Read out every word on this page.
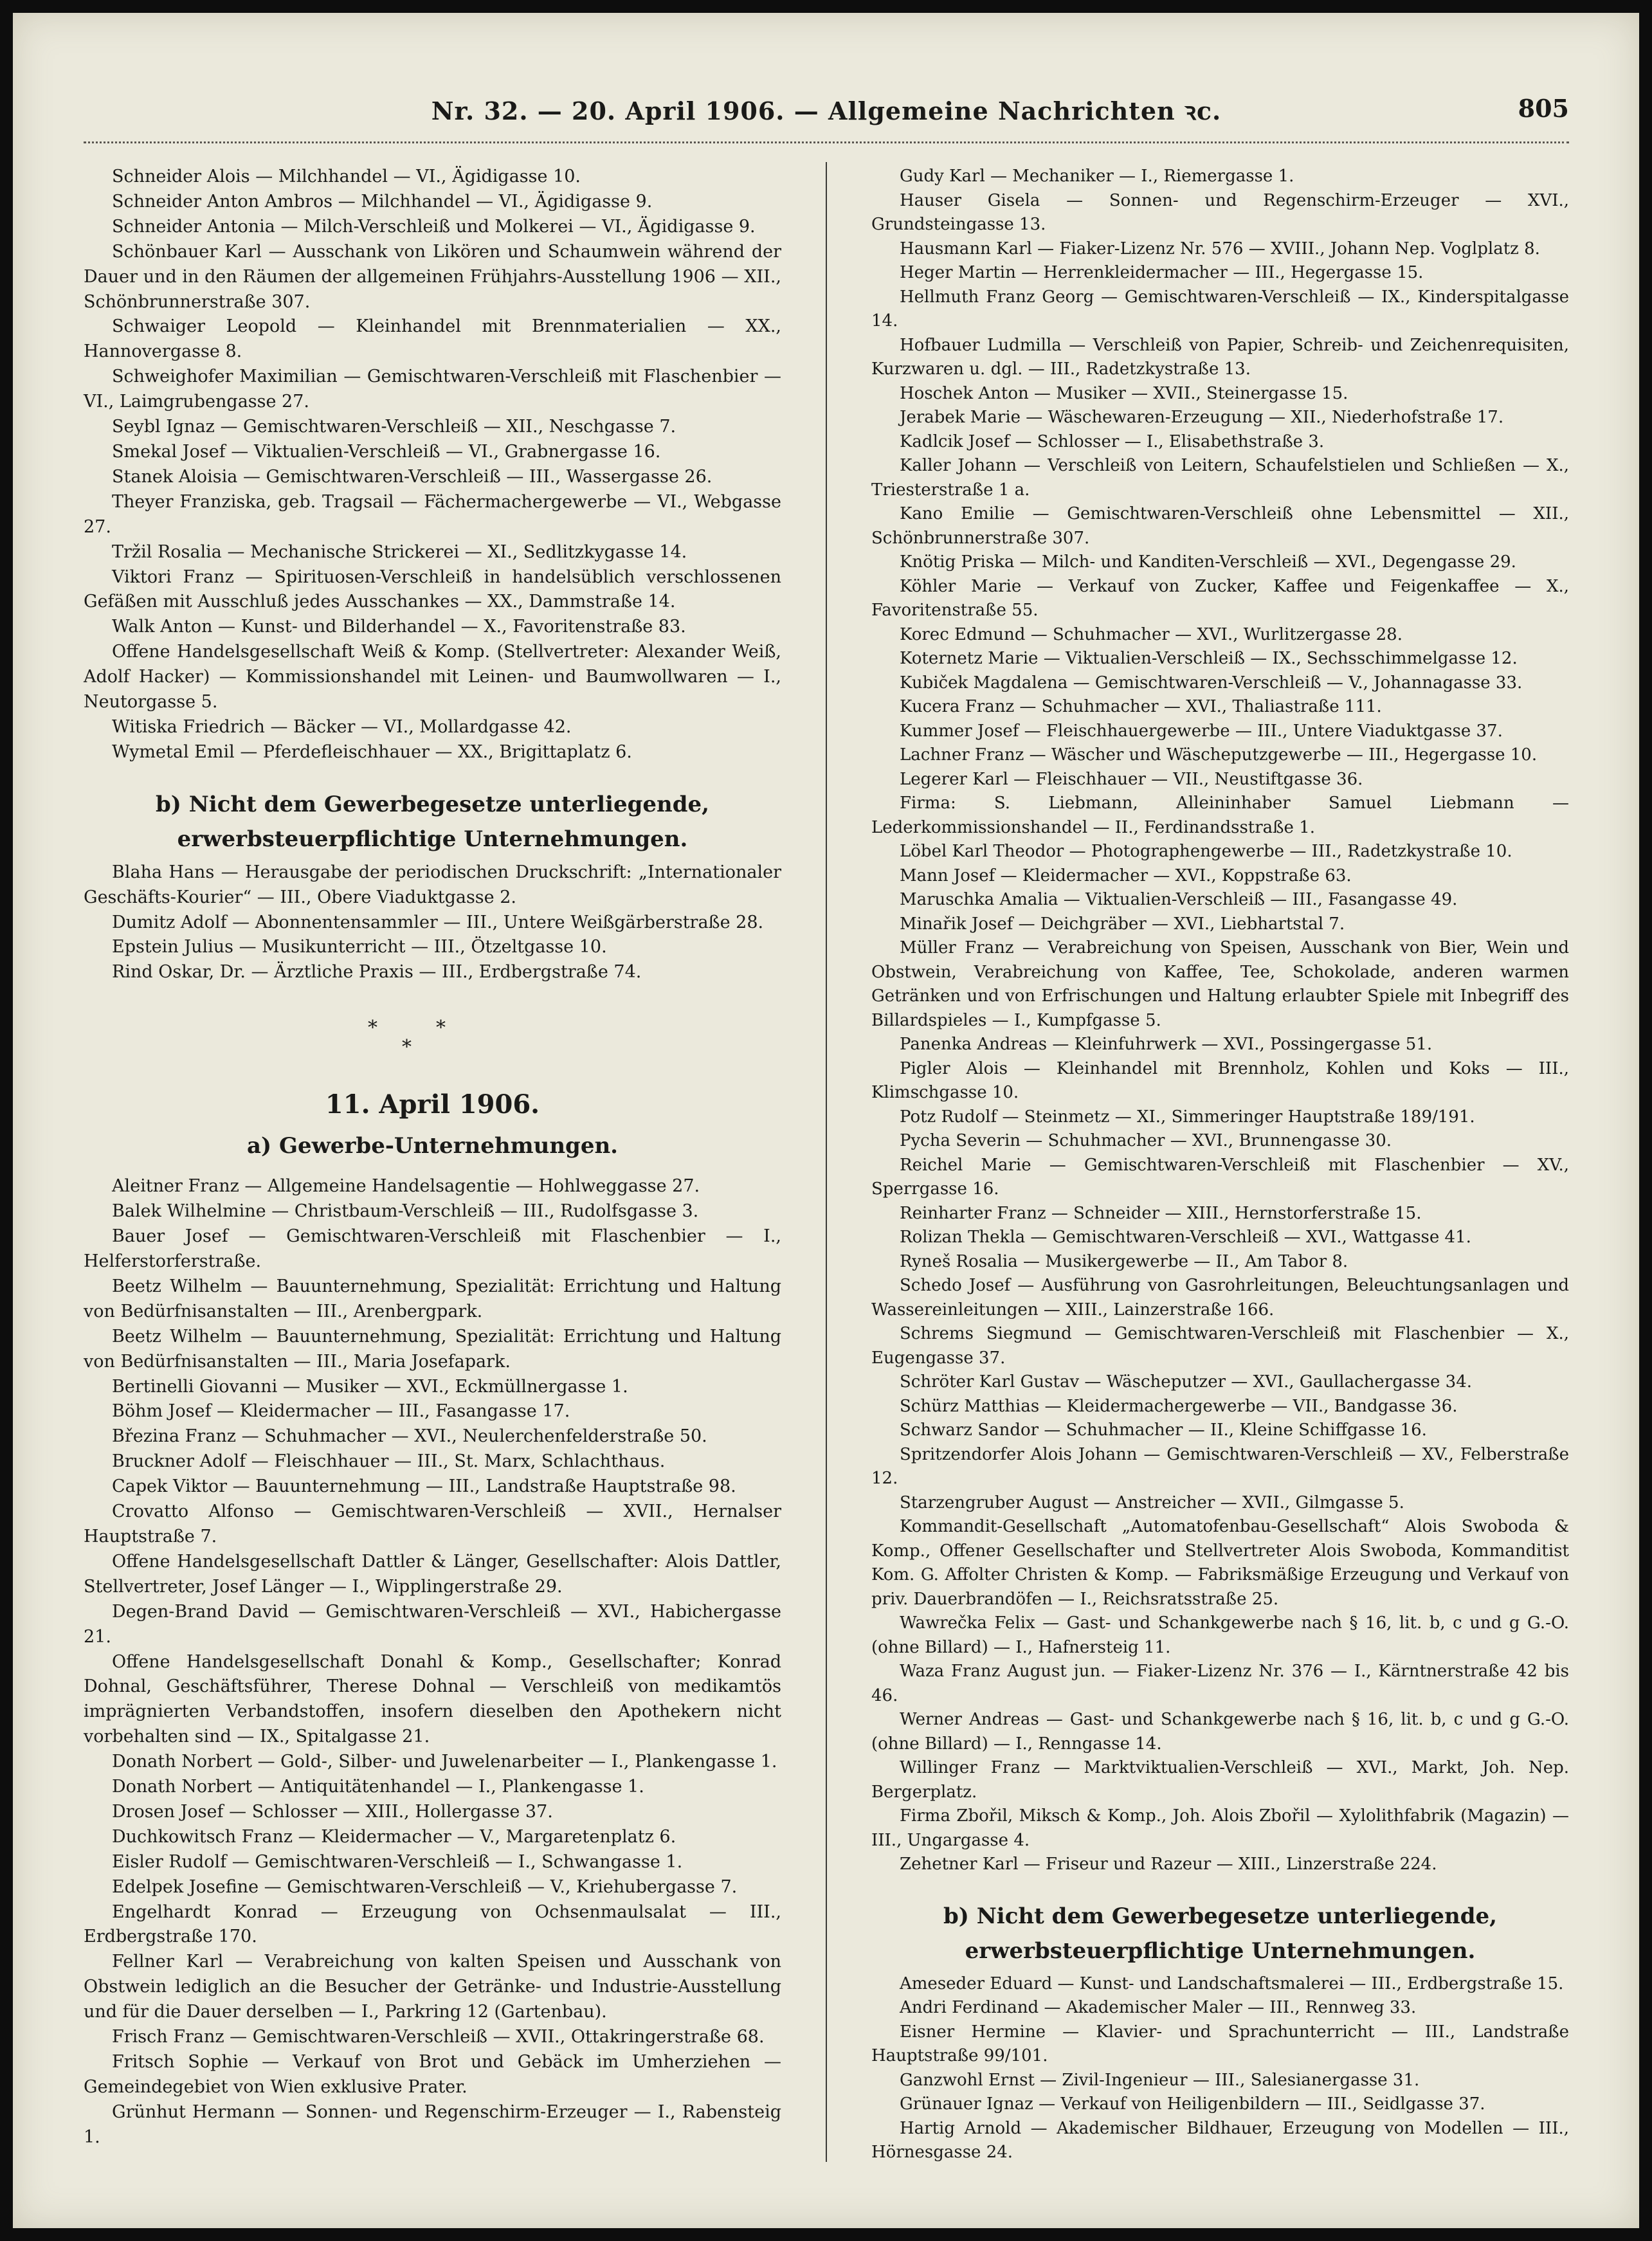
Nr. 32. — 20. April 1906. — Allgemeine Nachrichten ꝛc.	805

Schneider Alois — Milchhandel — VI., Ägidigasse 10.

Schneider Anton Ambros — Milchhandel — VI., Ägidigasse 9.

Schneider Antonia — Milch-Verschleiß und Molkerei — VI., Ägidigasse 9.

Schönbauer Karl — Ausschank von Likören und Schaumwein während der Dauer und in den Räumen der allgemeinen Frühjahrs-Ausstellung 1906 — XII., Schönbrunnerstraße 307.

Schwaiger Leopold — Kleinhandel mit Brennmaterialien — XX., Hannovergasse 8.

Schweighofer Maximilian — Gemischtwaren-Verschleiß mit Flaschenbier — VI., Laimgrubengasse 27.

Seybl Ignaz — Gemischtwaren-Verschleiß — XII., Neschgasse 7.

Smekal Josef — Viktualien-Verschleiß — VI., Grabnergasse 16.

Stanek Aloisia — Gemischtwaren-Verschleiß — III., Wassergasse 26.

Theyer Franziska, geb. Tragsail — Fächermachergewerbe — VI., Webgasse 27.

Tržil Rosalia — Mechanische Strickerei — XI., Sedlitzkygasse 14.

Viktori Franz — Spirituosen-Verschleiß in handelsüblich verschlossenen Gefäßen mit Ausschluß jedes Ausschankes — XX., Dammstraße 14.

Walk Anton — Kunst- und Bilderhandel — X., Favoritenstraße 83.

Offene Handelsgesellschaft Weiß & Komp. (Stellvertreter: Alexander Weiß, Adolf Hacker) — Kommissionshandel mit Leinen- und Baumwollwaren — I., Neutorgasse 5.

Witiska Friedrich — Bäcker — VI., Mollardgasse 42.

Wymetal Emil — Pferdefleischhauer — XX., Brigittaplatz 6.

b) Nicht dem Gewerbegesetze unterliegende, erwerbsteuerpflichtige Unternehmungen.

Blaha Hans — Herausgabe der periodischen Druckschrift: „Internationaler Geschäfts-Kourier“ — III., Obere Viaduktgasse 2.

Dumitz Adolf — Abonnentensammler — III., Untere Weißgärberstraße 28.

Epstein Julius — Musikunterricht — III., Ötzeltgasse 10.

Rind Oskar, Dr. — Ärztliche Praxis — III., Erdbergstraße 74.

*	*
*
11. April 1906.
a) Gewerbe-Unternehmungen.

Aleitner Franz — Allgemeine Handelsagentie — Hohlweggasse 27.

Balek Wilhelmine — Christbaum-Verschleiß — III., Rudolfsgasse 3.

Bauer Josef — Gemischtwaren-Verschleiß mit Flaschenbier — I., Helferstorferstraße.

Beetz Wilhelm — Bauunternehmung, Spezialität: Errichtung und Haltung von Bedürfnisanstalten — III., Arenbergpark.

Beetz Wilhelm — Bauunternehmung, Spezialität: Errichtung und Haltung von Bedürfnisanstalten — III., Maria Josefapark.

Bertinelli Giovanni — Musiker — XVI., Eckmüllnergasse 1.

Böhm Josef — Kleidermacher — III., Fasangasse 17.

Březina Franz — Schuhmacher — XVI., Neulerchenfelderstraße 50.

Bruckner Adolf — Fleischhauer — III., St. Marx, Schlachthaus.

Capek Viktor — Bauunternehmung — III., Landstraße Hauptstraße 98.

Crovatto Alfonso — Gemischtwaren-Verschleiß — XVII., Hernalser Hauptstraße 7.

Offene Handelsgesellschaft Dattler & Länger, Gesellschafter: Alois Dattler, Stellvertreter, Josef Länger — I., Wipplingerstraße 29.

Degen-Brand David — Gemischtwaren-Verschleiß — XVI., Habichergasse 21.

Offene Handelsgesellschaft Donahl & Komp., Gesellschafter; Konrad Dohnal, Geschäftsführer, Therese Dohnal — Verschleiß von medikamtös imprägnierten Verbandstoffen, insofern dieselben den Apothekern nicht vorbehalten sind — IX., Spitalgasse 21.

Donath Norbert — Gold-, Silber- und Juwelenarbeiter — I., Plankengasse 1.

Donath Norbert — Antiquitätenhandel — I., Plankengasse 1.

Drosen Josef — Schlosser — XIII., Hollergasse 37.

Duchkowitsch Franz — Kleidermacher — V., Margaretenplatz 6.

Eisler Rudolf — Gemischtwaren-Verschleiß — I., Schwangasse 1.

Edelpek Josefine — Gemischtwaren-Verschleiß — V., Kriehubergasse 7.

Engelhardt Konrad — Erzeugung von Ochsenmaulsalat — III., Erdbergstraße 170.

Fellner Karl — Verabreichung von kalten Speisen und Ausschank von Obstwein lediglich an die Besucher der Getränke- und Industrie-Ausstellung und für die Dauer derselben — I., Parkring 12 (Gartenbau).

Frisch Franz — Gemischtwaren-Verschleiß — XVII., Ottakringerstraße 68.

Fritsch Sophie — Verkauf von Brot und Gebäck im Umherziehen — Gemeindegebiet von Wien exklusive Prater.

Grünhut Hermann — Sonnen- und Regenschirm-Erzeuger — I., Rabensteig 1.

Gudy Karl — Mechaniker — I., Riemergasse 1.

Hauser Gisela — Sonnen- und Regenschirm-Erzeuger — XVI., Grundsteingasse 13.

Hausmann Karl — Fiaker-Lizenz Nr. 576 — XVIII., Johann Nep. Voglplatz 8.

Heger Martin — Herrenkleidermacher — III., Hegergasse 15.

Hellmuth Franz Georg — Gemischtwaren-Verschleiß — IX., Kinderspitalgasse 14.

Hofbauer Ludmilla — Verschleiß von Papier, Schreib- und Zeichenrequisiten, Kurzwaren u. dgl. — III., Radetzkystraße 13.

Hoschek Anton — Musiker — XVII., Steinergasse 15.

Jerabek Marie — Wäschewaren-Erzeugung — XII., Niederhofstraße 17.

Kadlcik Josef — Schlosser — I., Elisabethstraße 3.

Kaller Johann — Verschleiß von Leitern, Schaufelstielen und Schließen — X., Triesterstraße 1 a.

Kano Emilie — Gemischtwaren-Verschleiß ohne Lebensmittel — XII., Schönbrunnerstraße 307.

Knötig Priska — Milch- und Kanditen-Verschleiß — XVI., Degengasse 29.

Köhler Marie — Verkauf von Zucker, Kaffee und Feigenkaffee — X., Favoritenstraße 55.

Korec Edmund — Schuhmacher — XVI., Wurlitzergasse 28.

Koternetz Marie — Viktualien-Verschleiß — IX., Sechsschimmelgasse 12.

Kubiček Magdalena — Gemischtwaren-Verschleiß — V., Johannagasse 33.

Kucera Franz — Schuhmacher — XVI., Thaliastraße 111.

Kummer Josef — Fleischhauergewerbe — III., Untere Viaduktgasse 37.

Lachner Franz — Wäscher und Wäscheputzgewerbe — III., Hegergasse 10.

Legerer Karl — Fleischhauer — VII., Neustiftgasse 36.

Firma: S. Liebmann, Alleininhaber Samuel Liebmann — Lederkommissionshandel — II., Ferdinandsstraße 1.

Löbel Karl Theodor — Photographengewerbe — III., Radetzkystraße 10.

Mann Josef — Kleidermacher — XVI., Koppstraße 63.

Maruschka Amalia — Viktualien-Verschleiß — III., Fasangasse 49.

Minařik Josef — Deichgräber — XVI., Liebhartstal 7.

Müller Franz — Verabreichung von Speisen, Ausschank von Bier, Wein und Obstwein, Verabreichung von Kaffee, Tee, Schokolade, anderen warmen Getränken und von Erfrischungen und Haltung erlaubter Spiele mit Inbegriff des Billardspieles — I., Kumpfgasse 5.

Panenka Andreas — Kleinfuhrwerk — XVI., Possingergasse 51.

Pigler Alois — Kleinhandel mit Brennholz, Kohlen und Koks — III., Klimschgasse 10.

Potz Rudolf — Steinmetz — XI., Simmeringer Hauptstraße 189/191.

Pycha Severin — Schuhmacher — XVI., Brunnengasse 30.

Reichel Marie — Gemischtwaren-Verschleiß mit Flaschenbier — XV., Sperrgasse 16.

Reinharter Franz — Schneider — XIII., Hernstorferstraße 15.

Rolizan Thekla — Gemischtwaren-Verschleiß — XVI., Wattgasse 41.

Ryneš Rosalia — Musikergewerbe — II., Am Tabor 8.

Schedo Josef — Ausführung von Gasrohrleitungen, Beleuchtungsanlagen und Wassereinleitungen — XIII., Lainzerstraße 166.

Schrems Siegmund — Gemischtwaren-Verschleiß mit Flaschenbier — X., Eugengasse 37.

Schröter Karl Gustav — Wäscheputzer — XVI., Gaullachergasse 34.

Schürz Matthias — Kleidermachergewerbe — VII., Bandgasse 36.

Schwarz Sandor — Schuhmacher — II., Kleine Schiffgasse 16.

Spritzendorfer Alois Johann — Gemischtwaren-Verschleiß — XV., Felberstraße 12.

Starzengruber August — Anstreicher — XVII., Gilmgasse 5.

Kommandit-Gesellschaft „Automatofenbau-Gesellschaft“ Alois Swoboda & Komp., Offener Gesellschafter und Stellvertreter Alois Swoboda, Kommanditist Kom. G. Affolter Christen & Komp. — Fabriksmäßige Erzeugung und Verkauf von priv. Dauerbrandöfen — I., Reichsratsstraße 25.

Wawrečka Felix — Gast- und Schankgewerbe nach § 16, lit. b, c und g G.-O. (ohne Billard) — I., Hafnersteig 11.

Waza Franz August jun. — Fiaker-Lizenz Nr. 376 — I., Kärntnerstraße 42 bis 46.

Werner Andreas — Gast- und Schankgewerbe nach § 16, lit. b, c und g G.-O. (ohne Billard) — I., Renngasse 14.

Willinger Franz — Marktviktualien-Verschleiß — XVI., Markt, Joh. Nep. Bergerplatz.

Firma Zbořil, Miksch & Komp., Joh. Alois Zbořil — Xylolithfabrik (Magazin) — III., Ungargasse 4.

Zehetner Karl — Friseur und Razeur — XIII., Linzerstraße 224.

b) Nicht dem Gewerbegesetze unterliegende, erwerbsteuerpflichtige Unternehmungen.

Ameseder Eduard — Kunst- und Landschaftsmalerei — III., Erdbergstraße 15.

Andri Ferdinand — Akademischer Maler — III., Rennweg 33.

Eisner Hermine — Klavier- und Sprachunterricht — III., Landstraße Hauptstraße 99/101.

Ganzwohl Ernst — Zivil-Ingenieur — III., Salesianergasse 31.

Grünauer Ignaz — Verkauf von Heiligenbildern — III., Seidlgasse 37.

Hartig Arnold — Akademischer Bildhauer, Erzeugung von Modellen — III., Hörnesgasse 24.
